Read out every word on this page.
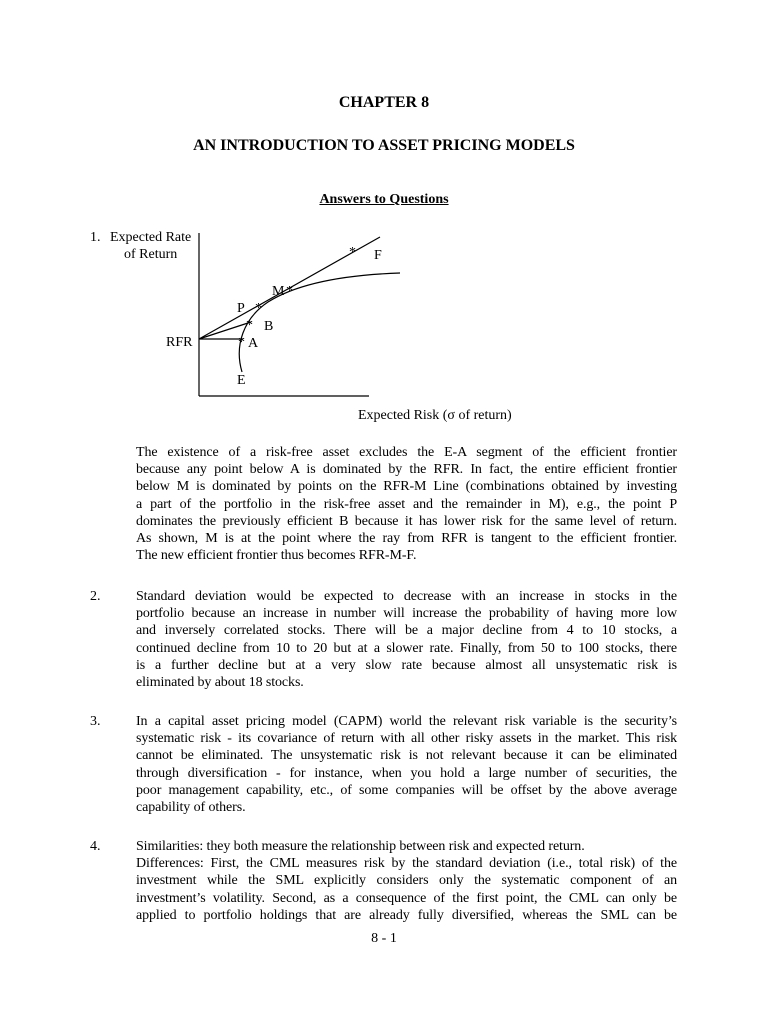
CHAPTER 8
AN INTRODUCTION TO ASSET PRICING MODELS
Answers to Questions
1. Expected Rate
of Return	*
*
*
*
*
F
M
P
B
A
E
RFR
Expected Risk (σ of return)
The existence of a risk-free asset excludes the E-A segment of the efficient frontier
because any point below A is dominated by the RFR. In fact, the entire efficient frontier
below M is dominated by points on the RFR-M Line (combinations obtained by investing
a part of the portfolio in the risk-free asset and the remainder in M), e.g., the point P
dominates the previously efficient B because it has lower risk for the same level of return.
As shown, M is at the point where the ray from RFR is tangent to the efficient frontier.
The new efficient frontier thus becomes RFR-M-F.
2.	Standard deviation would be expected to decrease with an increase in stocks in the
portfolio because an increase in number will increase the probability of having more low
and inversely correlated stocks. There will be a major decline from 4 to 10 stocks, a
continued decline from 10 to 20 but at a slower rate. Finally, from 50 to 100 stocks, there
is a further decline but at a very slow rate because almost all unsystematic risk is
eliminated by about 18 stocks.
3.	In a capital asset pricing model (CAPM) world the relevant risk variable is the security’s
systematic risk - its covariance of return with all other risky assets in the market. This risk
cannot be eliminated. The unsystematic risk is not relevant because it can be eliminated
through diversification - for instance, when you hold a large number of securities, the
poor management capability, etc., of some companies will be offset by the above average
capability of others.
4.	Similarities: they both measure the relationship between risk and expected return.
Differences: First, the CML measures risk by the standard deviation (i.e., total risk) of the
investment while the SML explicitly considers only the systematic component of an
investment’s volatility. Second, as a consequence of the first point, the CML can only be
applied to portfolio holdings that are already fully diversified, whereas the SML can be
8 - 1
